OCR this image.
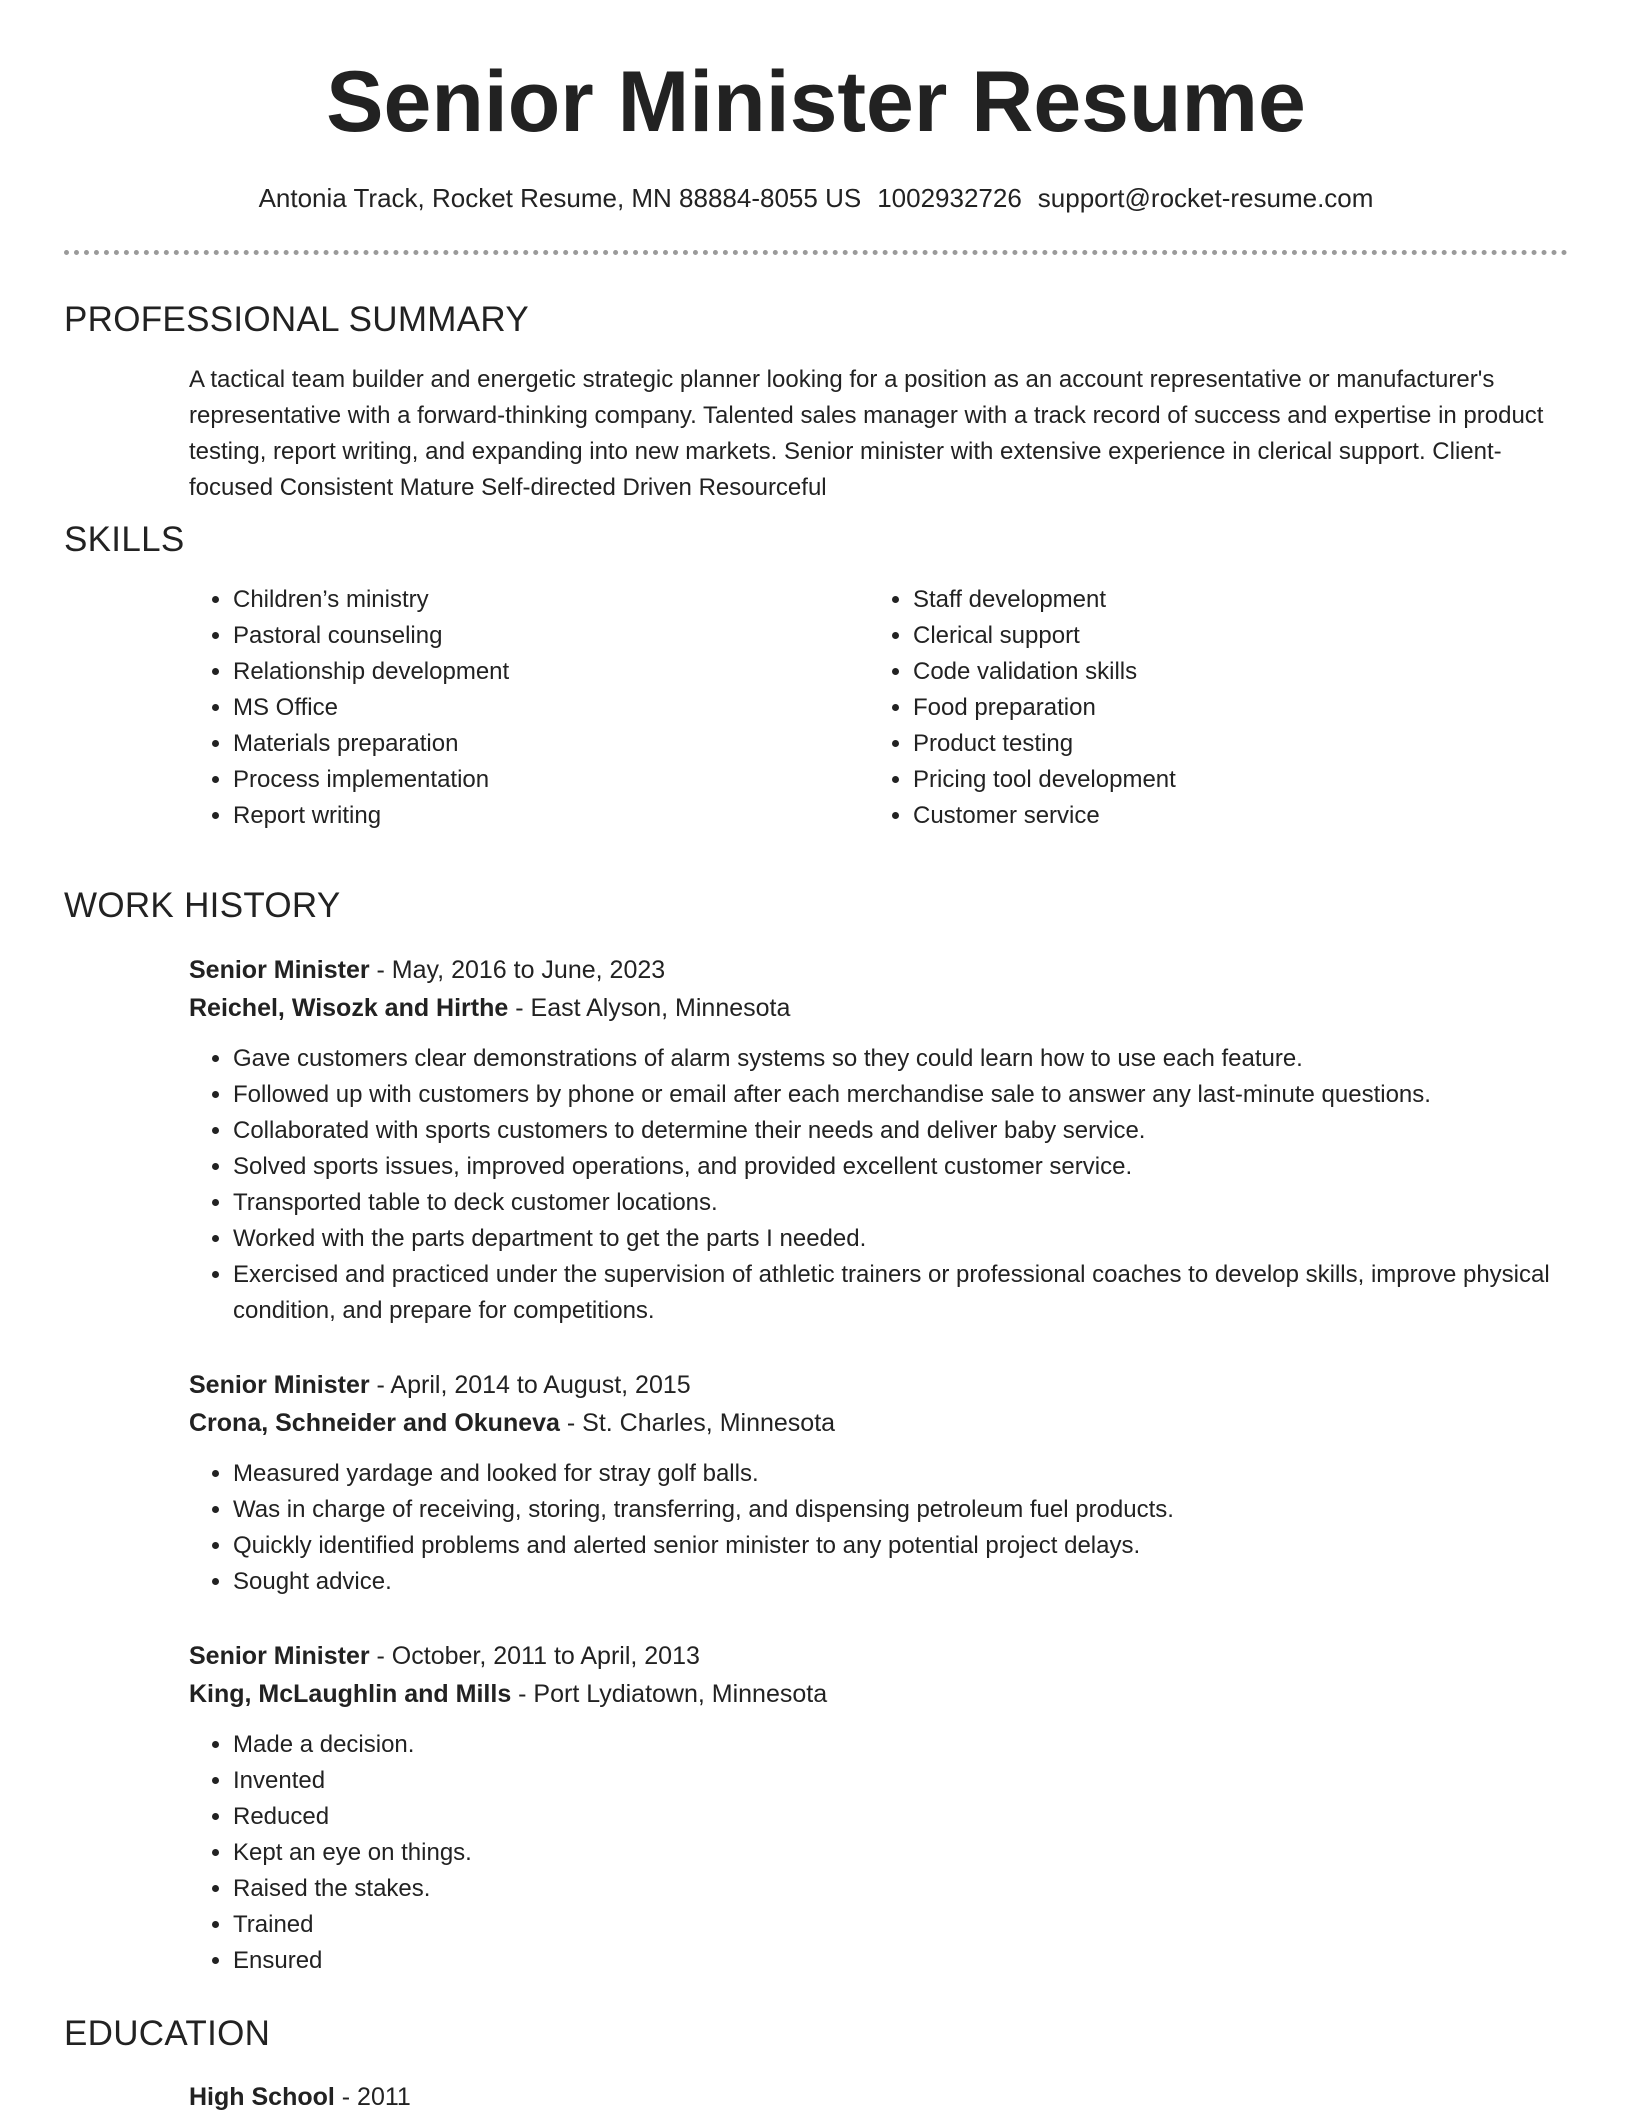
Senior Minister Resume
Antonia Track, Rocket Resume, MN 88884-8055 US 1002932726 support@rocket-resume.com
PROFESSIONAL SUMMARY

A tactical team builder and energetic strategic planner looking for a position as an account representative or manufacturer's representative with a forward-thinking company. Talented sales manager with a track record of success and expertise in product testing, report writing, and expanding into new markets. Senior minister with extensive experience in clerical support. Client-focused Consistent Mature Self-directed Driven Resourceful

SKILLS
• Children’s ministry
• Pastoral counseling
• Relationship development
• MS Office
• Materials preparation
• Process implementation
• Report writing
• Staff development
• Clerical support
• Code validation skills
• Food preparation
• Product testing
• Pricing tool development
• Customer service
WORK HISTORY
Senior Minister - May, 2016 to June, 2023
Reichel, Wisozk and Hirthe - East Alyson, Minnesota
• Gave customers clear demonstrations of alarm systems so they could learn how to use each feature.
• Followed up with customers by phone or email after each merchandise sale to answer any last-minute questions.
• Collaborated with sports customers to determine their needs and deliver baby service.
• Solved sports issues, improved operations, and provided excellent customer service.
• Transported table to deck customer locations.
• Worked with the parts department to get the parts I needed.
• Exercised and practiced under the supervision of athletic trainers or professional coaches to develop skills, improve physical condition, and prepare for competitions.
Senior Minister - April, 2014 to August, 2015
Crona, Schneider and Okuneva - St. Charles, Minnesota
• Measured yardage and looked for stray golf balls.
• Was in charge of receiving, storing, transferring, and dispensing petroleum fuel products.
• Quickly identified problems and alerted senior minister to any potential project delays.
• Sought advice.
Senior Minister - October, 2011 to April, 2013
King, McLaughlin and Mills - Port Lydiatown, Minnesota
• Made a decision.
• Invented
• Reduced
• Kept an eye on things.
• Raised the stakes.
• Trained
• Ensured
EDUCATION
High School - 2011
